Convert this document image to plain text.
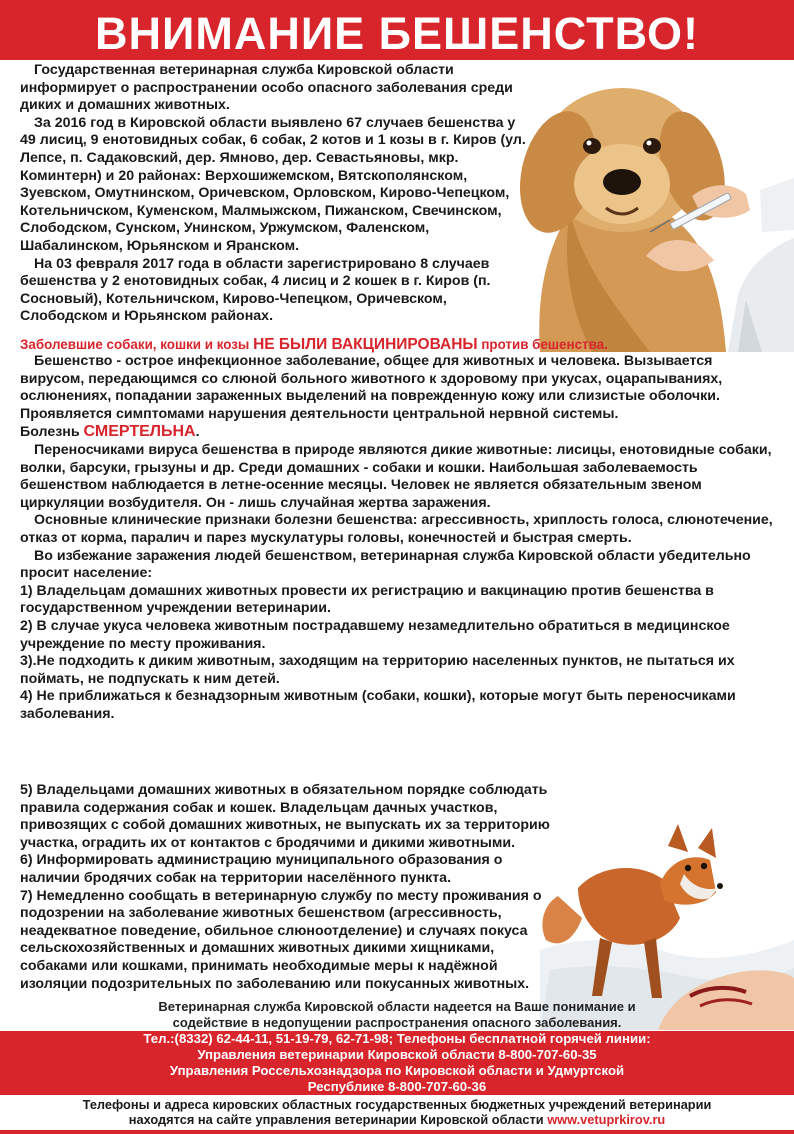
ВНИМАНИЕ БЕШЕНСТВО!

Государственная ветеринарная служба Кировской области информирует о распространении особо опасного заболевания среди диких и домашних животных.

За 2016 год в Кировской области выявлено 67 случаев бешенства у 49 лисиц, 9 енотовидных собак, 6 собак, 2 котов и 1 козы в г. Киров (ул. Лепсе, п. Садаковский, дер. Ямново, дер. Севастьяновы, мкр. Коминтерн) и 20 районах: Верхошижемском, Вятскополянском, Зуевском, Омутнинском, Оричевском, Орловском, Кирово-Чепецком, Котельничском, Куменском, Малмыжском, Пижанском, Свечинском, Слободском, Сунском, Унинском, Уржумском, Фаленском, Шабалинском, Юрьянском и Яранском.

На 03 февраля 2017 года в области зарегистрировано 8 случаев бешенства у 2 енотовидных собак, 4 лисиц и 2 кошек в г. Киров (п. Сосновый), Котельничском, Кирово-Чепецком, Оричевском, Слободском и Юрьянском районах.

Заболевшие собаки, кошки и козы НЕ БЫЛИ ВАКЦИНИРОВАНЫ против бешенства.

Бешенство - острое инфекционное заболевание, общее для животных и человека. Вызывается вирусом, передающимся со слюной больного животного к здоровому при укусах, оцарапываниях, ослюнениях, попадании зараженных выделений на поврежденную кожу или слизистые оболочки. Проявляется симптомами нарушения деятельности центральной нервной системы.

Болезнь СМЕРТЕЛЬНА.

Переносчиками вируса бешенства в природе являются дикие животные: лисицы, енотовидные собаки, волки, барсуки, грызуны и др. Среди домашних - собаки и кошки. Наибольшая заболеваемость бешенством наблюдается в летне-осенние месяцы. Человек не является обязательным звеном циркуляции возбудителя. Он - лишь случайная жертва заражения.

Основные клинические признаки болезни бешенства: агрессивность, хриплость голоса, слюнотечение, отказ от корма, паралич и парез мускулатуры головы, конечностей и быстрая смерть.

Во избежание заражения людей бешенством, ветеринарная служба Кировской области убедительно просит население:

1) Владельцам домашних животных провести их регистрацию и вакцинацию против бешенства в государственном учреждении ветеринарии.

2) В случае укуса человека животным пострадавшему незамедлительно обратиться в медицинское учреждение по месту проживания.

3).Не подходить к диким животным, заходящим на территорию населенных пунктов, не пытаться их поймать, не подпускать к ним детей.

4) Не приближаться к безнадзорным животным (собаки, кошки), которые могут быть переносчиками заболевания.

5) Владельцами домашних животных в обязательном порядке соблюдать правила содержания собак и кошек. Владельцам дачных участков, привозящих с собой домашних животных, не выпускать их за территорию участка, оградить их от контактов с бродячими и дикими животными.

6) Информировать администрацию муниципального образования о наличии бродячих собак на территории населённого пункта.

7) Немедленно сообщать в ветеринарную службу по месту проживания о подозрении на заболевание животных бешенством (агрессивность, неадекватное поведение, обильное слюноотделение) и случаях покуса сельскохозяйственных и домашних животных дикими хищниками, собаками или кошками, принимать необходимые меры к надёжной изоляции подозрительных по заболеванию или покусанных животных.

Ветеринарная служба Кировской области надеется на Ваше понимание и
содействие в недопущении распространения опасного заболевания.
Тел.:(8332) 62-44-11, 51-19-79, 62-71-98; Телефоны бесплатной горячей линии:
Управления ветеринарии Кировской области 8-800-707-60-35
Управления Россельхознадзора по Кировской области и Удмуртской
Республике 8-800-707-60-36
Телефоны и адреса кировских областных государственных бюджетных учреждений ветеринарии
находятся на сайте управления ветеринарии Кировской области www.vetuprkirov.ru
